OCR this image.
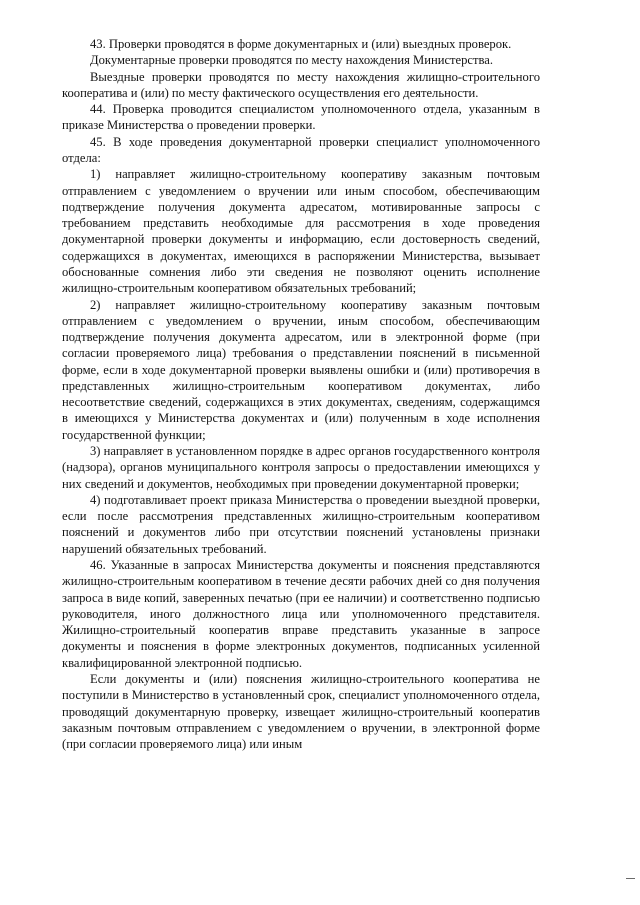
43. Проверки проводятся в форме документарных и (или) выездных проверок.

Документарные проверки проводятся по месту нахождения Министерства.

Выездные проверки проводятся по месту нахождения жилищно-строительного кооператива и (или) по месту фактического осуществления его деятельности.

44. Проверка проводится специалистом уполномоченного отдела, указанным в приказе Министерства о проведении проверки.

45. В ходе проведения документарной проверки специалист уполномоченного отдела:

1) направляет жилищно-строительному кооперативу заказным почтовым отправлением с уведомлением о вручении или иным способом, обеспечивающим подтверждение получения документа адресатом, мотивированные запросы с требованием представить необходимые для рассмотрения в ходе проведения документарной проверки документы и информацию, если достоверность сведений, содержащихся в документах, имеющихся в распоряжении Министерства, вызывает обоснованные сомнения либо эти сведения не позволяют оценить исполнение жилищно-строительным кооперативом обязательных требований;

2) направляет жилищно-строительному кооперативу заказным почтовым отправлением с уведомлением о вручении, иным способом, обеспечивающим подтверждение получения документа адресатом, или в электронной форме (при согласии проверяемого лица) требования о представлении пояснений в письменной форме, если в ходе документарной проверки выявлены ошибки и (или) противоречия в представленных жилищно-строительным кооперативом документах, либо несоответствие сведений, содержащихся в этих документах, сведениям, содержащимся в имеющихся у Министерства документах и (или) полученным в ходе исполнения государственной функции;

3) направляет в установленном порядке в адрес органов государственного контроля (надзора), органов муниципального контроля запросы о предоставлении имеющихся у них сведений и документов, необходимых при проведении документарной проверки;

4) подготавливает проект приказа Министерства о проведении выездной проверки, если после рассмотрения представленных жилищно-строительным кооперативом пояснений и документов либо при отсутствии пояснений установлены признаки нарушений обязательных требований.

46. Указанные в запросах Министерства документы и пояснения представляются жилищно-строительным кооперативом в течение десяти рабочих дней со дня получения запроса в виде копий, заверенных печатью (при ее наличии) и соответственно подписью руководителя, иного должностного лица или уполномоченного представителя. Жилищно-строительный кооператив вправе представить указанные в запросе документы и пояснения в форме электронных документов, подписанных усиленной квалифицированной электронной подписью.

Если документы и (или) пояснения жилищно-строительного кооператива не поступили в Министерство в установленный срок, специалист уполномоченного отдела, проводящий документарную проверку, извещает жилищно-строительный кооператив заказным почтовым отправлением с уведомлением о вручении, в электронной форме (при согласии проверяемого лица) или иным
